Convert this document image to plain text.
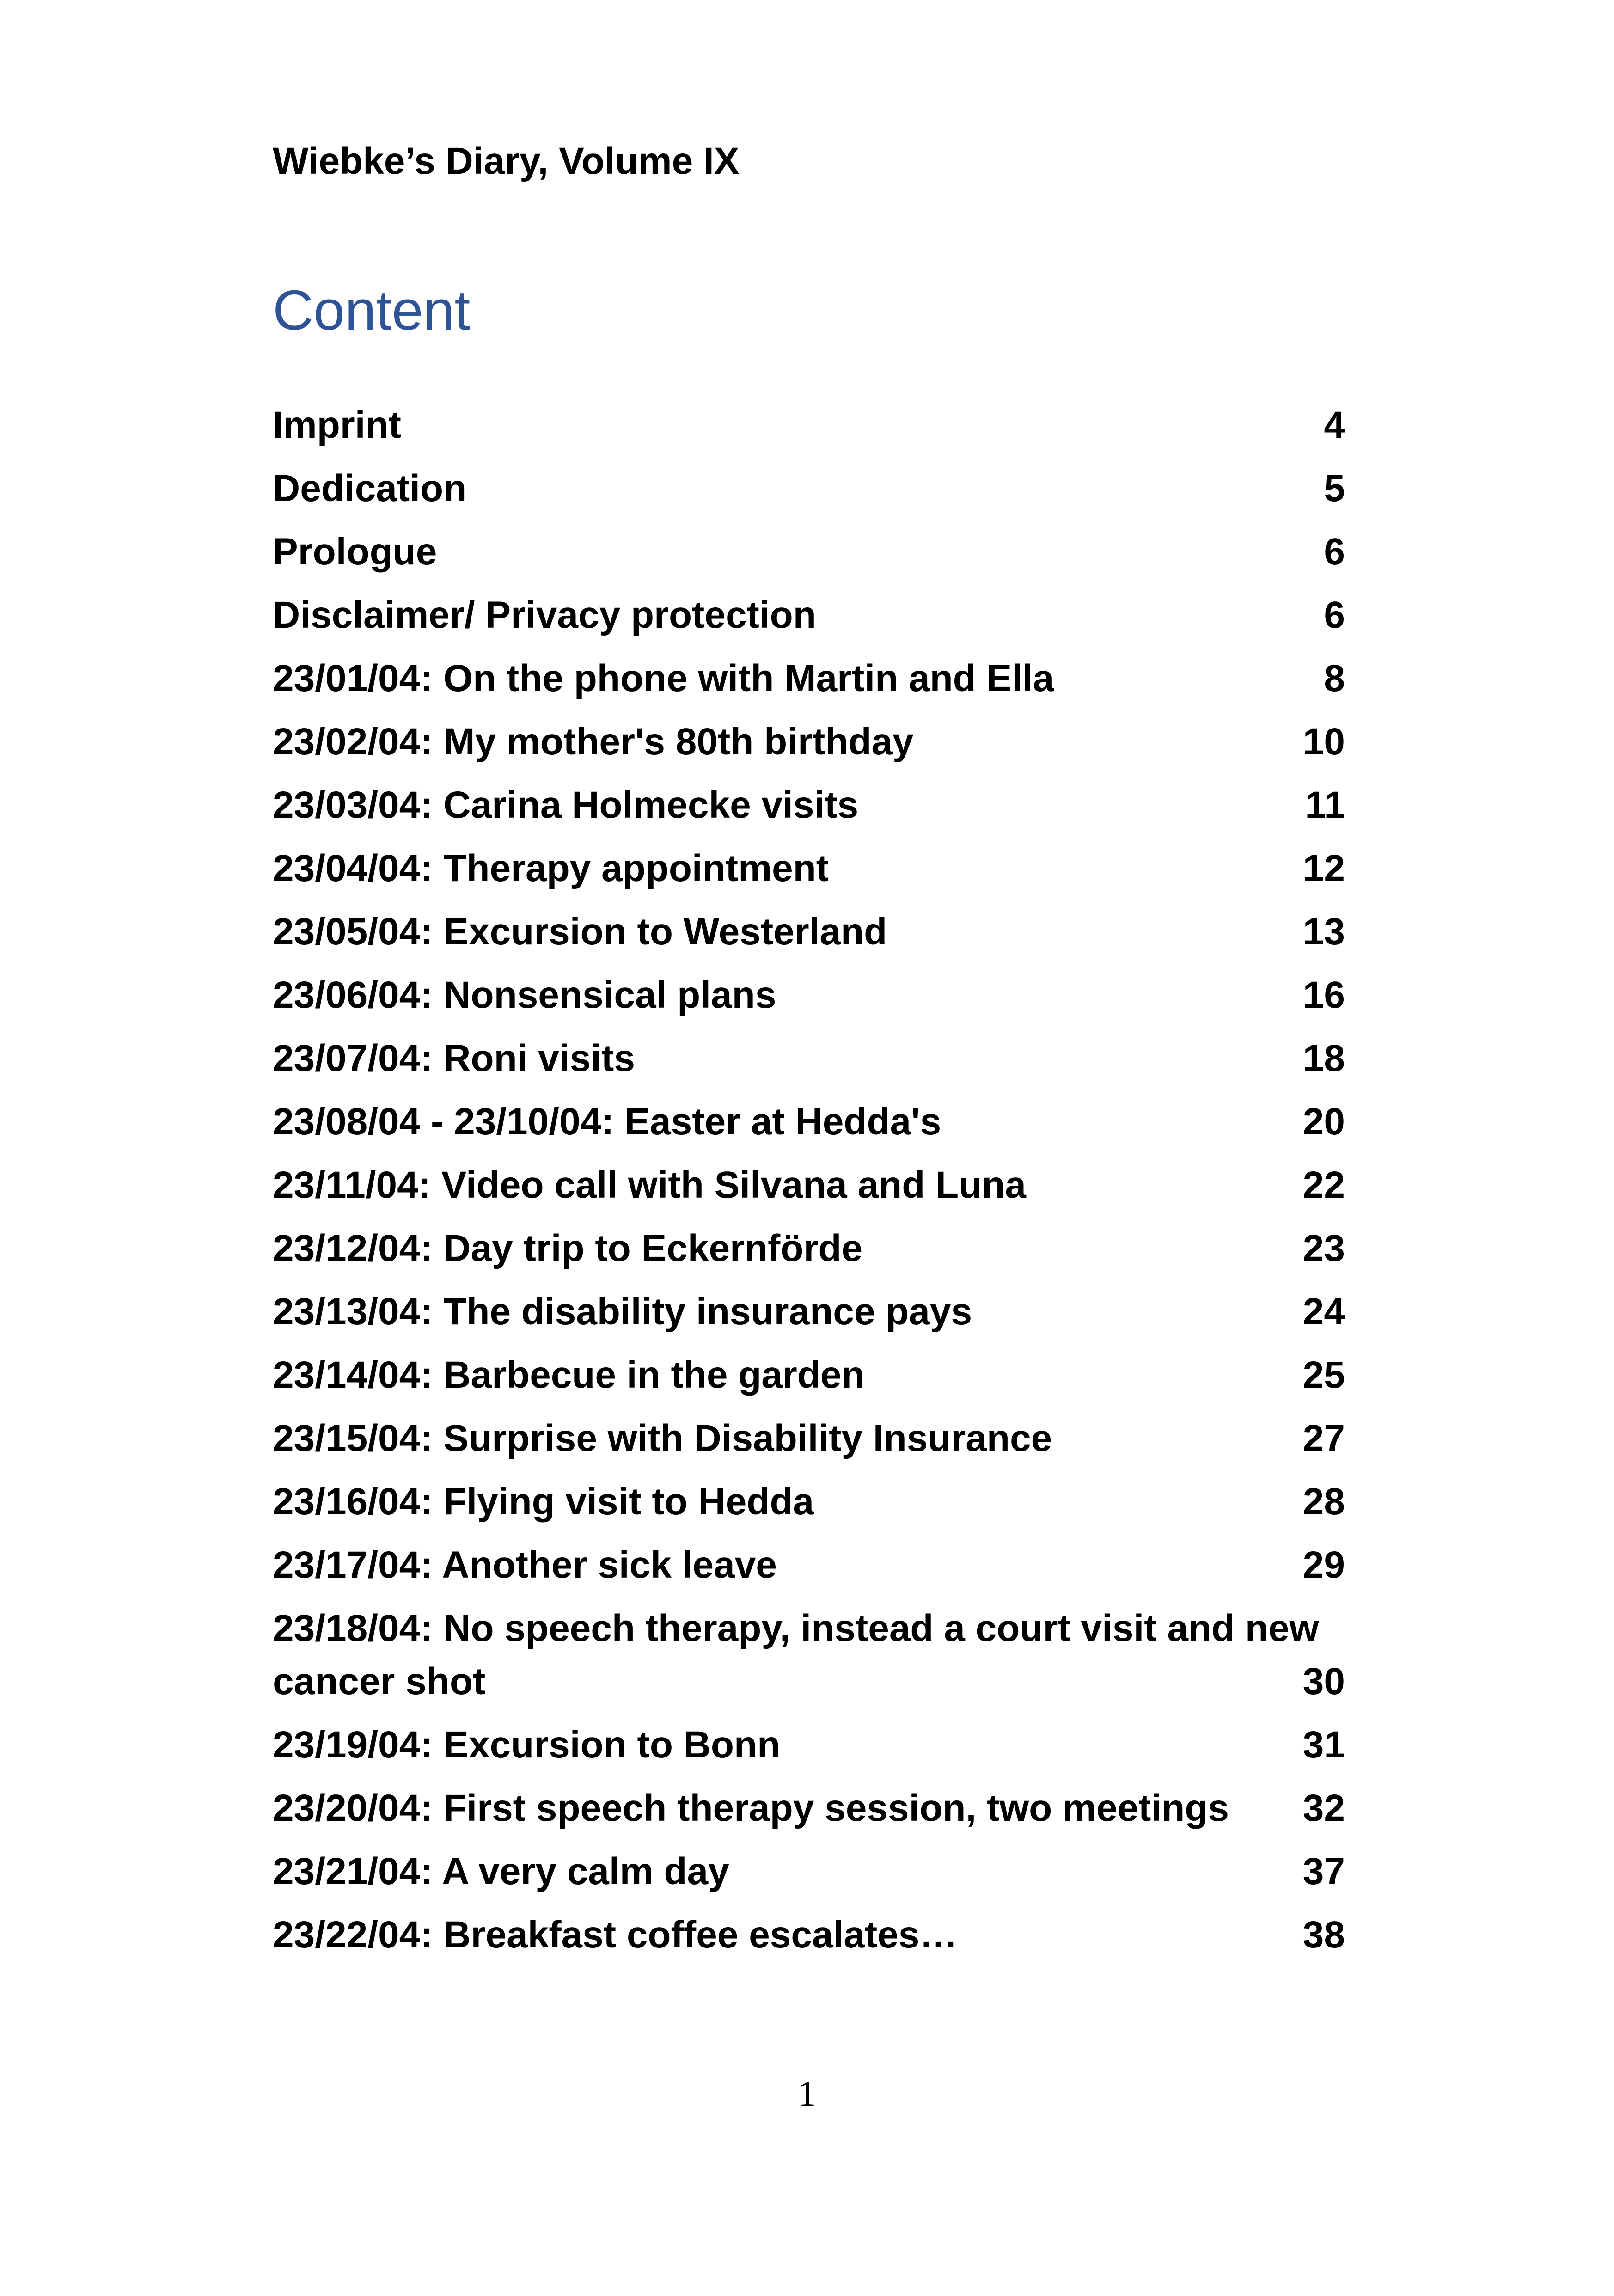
Wiebke’s Diary, Volume IX
Content
Imprint	4
Dedication	5
Prologue	6
Disclaimer/ Privacy protection	6
23/01/04: On the phone with Martin and Ella	8
23/02/04: My mother's 80th birthday	10
23/03/04: Carina Holmecke visits	11
23/04/04: Therapy appointment	12
23/05/04: Excursion to Westerland	13
23/06/04: Nonsensical plans	16
23/07/04: Roni visits	18
23/08/04 - 23/10/04: Easter at Hedda's	20
23/11/04: Video call with Silvana and Luna	22
23/12/04: Day trip to Eckernförde	23
23/13/04: The disability insurance pays	24
23/14/04: Barbecue in the garden	25
23/15/04: Surprise with Disability Insurance	27
23/16/04: Flying visit to Hedda	28
23/17/04: Another sick leave	29
23/18/04: No speech therapy, instead a court visit and new cancer shot	30
23/19/04: Excursion to Bonn	31
23/20/04: First speech therapy session, two meetings	32
23/21/04: A very calm day	37
23/22/04: Breakfast coffee escalates…	38
1
